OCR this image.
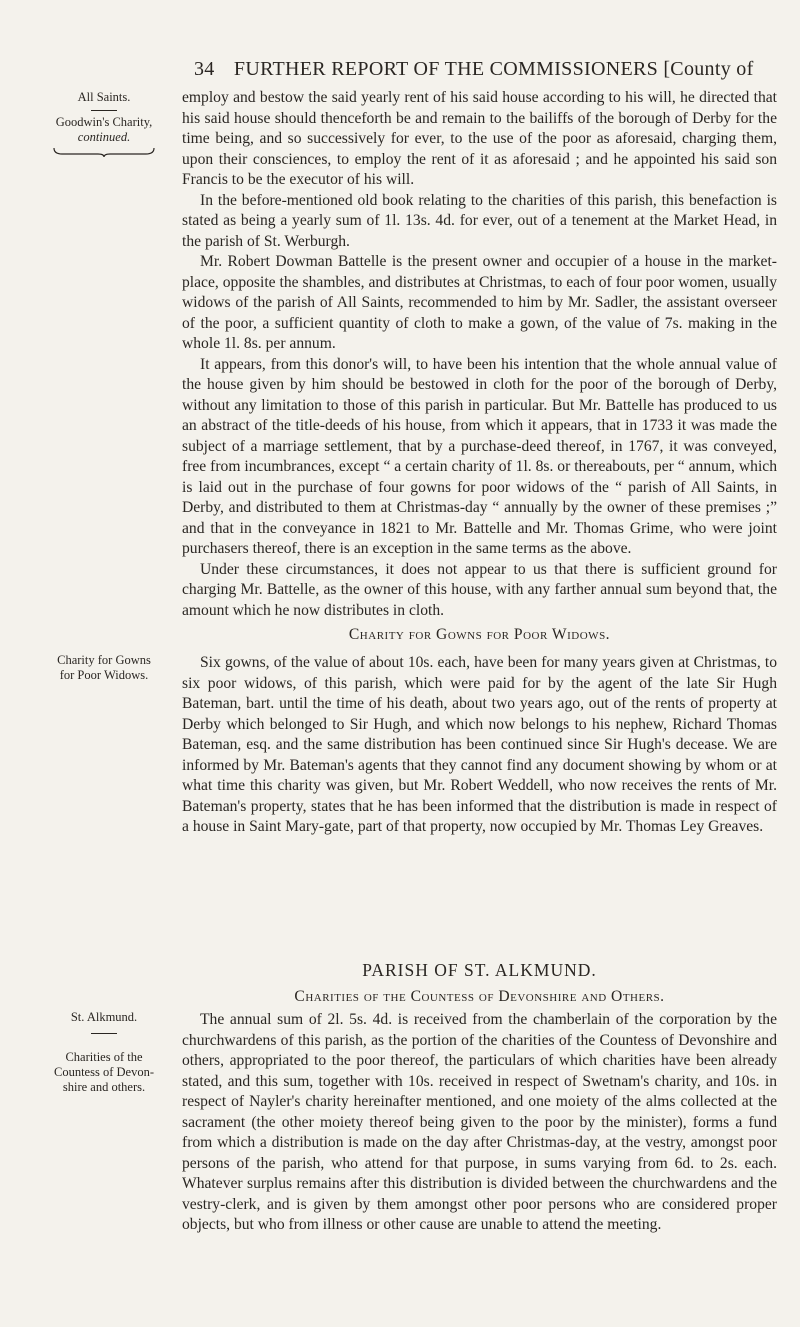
34 FURTHER REPORT OF THE COMMISSIONERS [County of
All Saints.
Goodwin's Charity,
continued.
Charity for Gowns
for Poor Widows.
St. Alkmund.
Charities of the
Countess of Devon-
shire and others.

employ and bestow the said yearly rent of his said house according to his will, he directed that his said house should thenceforth be and remain to the bailiffs of the borough of Derby for the time being, and so successively for ever, to the use of the poor as aforesaid, charging them, upon their consciences, to employ the rent of it as aforesaid ; and he appointed his said son Francis to be the executor of his will.

In the before-mentioned old book relating to the charities of this parish, this benefaction is stated as being a yearly sum of 1l. 13s. 4d. for ever, out of a tenement at the Market Head, in the parish of St. Werburgh.

Mr. Robert Dowman Battelle is the present owner and occupier of a house in the market-place, opposite the shambles, and distributes at Christmas, to each of four poor women, usually widows of the parish of All Saints, recommended to him by Mr. Sadler, the assistant overseer of the poor, a sufficient quantity of cloth to make a gown, of the value of 7s. making in the whole 1l. 8s. per annum.

It appears, from this donor's will, to have been his intention that the whole annual value of the house given by him should be bestowed in cloth for the poor of the borough of Derby, without any limitation to those of this parish in particular. But Mr. Battelle has produced to us an abstract of the title-deeds of his house, from which it appears, that in 1733 it was made the subject of a marriage settlement, that by a purchase-deed thereof, in 1767, it was conveyed, free from incumbrances, except “ a certain charity of 1l. 8s. or thereabouts, per “ annum, which is laid out in the purchase of four gowns for poor widows of the “ parish of All Saints, in Derby, and distributed to them at Christmas-day “ annually by the owner of these premises ;” and that in the conveyance in 1821 to Mr. Battelle and Mr. Thomas Grime, who were joint purchasers thereof, there is an exception in the same terms as the above.

Under these circumstances, it does not appear to us that there is sufficient ground for charging Mr. Battelle, as the owner of this house, with any farther annual sum beyond that, the amount which he now distributes in cloth.

Charity for Gowns for Poor Widows.

Six gowns, of the value of about 10s. each, have been for many years given at Christmas, to six poor widows, of this parish, which were paid for by the agent of the late Sir Hugh Bateman, bart. until the time of his death, about two years ago, out of the rents of property at Derby which belonged to Sir Hugh, and which now belongs to his nephew, Richard Thomas Bateman, esq. and the same distribution has been continued since Sir Hugh's decease. We are informed by Mr. Bateman's agents that they cannot find any document showing by whom or at what time this charity was given, but Mr. Robert Weddell, who now receives the rents of Mr. Bateman's property, states that he has been informed that the distribution is made in respect of a house in Saint Mary-gate, part of that property, now occupied by Mr. Thomas Ley Greaves.

PARISH OF ST. ALKMUND.
Charities of the Countess of Devonshire and Others.

The annual sum of 2l. 5s. 4d. is received from the chamberlain of the corporation by the churchwardens of this parish, as the portion of the charities of the Countess of Devonshire and others, appropriated to the poor thereof, the particulars of which charities have been already stated, and this sum, together with 10s. received in respect of Swetnam's charity, and 10s. in respect of Nayler's charity hereinafter mentioned, and one moiety of the alms collected at the sacrament (the other moiety thereof being given to the poor by the minister), forms a fund from which a distribution is made on the day after Christmas-day, at the vestry, amongst poor persons of the parish, who attend for that purpose, in sums varying from 6d. to 2s. each. Whatever surplus remains after this distribution is divided between the churchwardens and the vestry-clerk, and is given by them amongst other poor persons who are considered proper objects, but who from illness or other cause are unable to attend the meeting.
